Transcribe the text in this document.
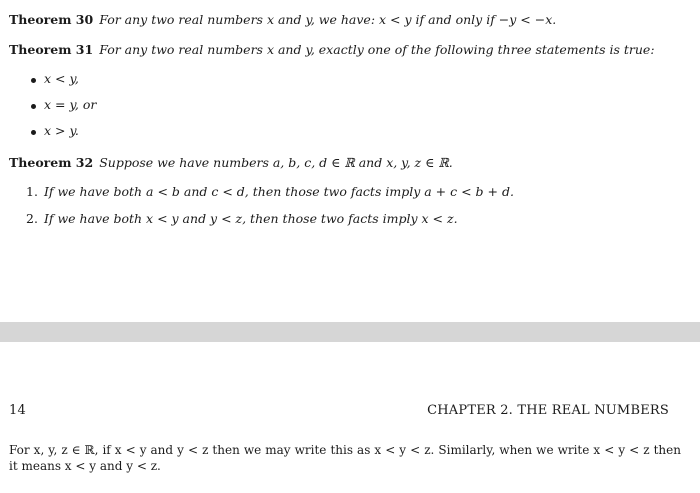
Theorem 30 For any two real numbers x and y, we have: x < y if and only if −y < −x.
Theorem 31 For any two real numbers x and y, exactly one of the following three statements is true:
x < y,
x = y, or
x > y.
Theorem 32 Suppose we have numbers a, b, c, d ∈ ℝ and x, y, z ∈ ℝ.
1. If we have both a < b and c < d, then those two facts imply a + c < b + d.
2. If we have both x < y and y < z, then those two facts imply x < z.
14	CHAPTER 2. THE REAL NUMBERS
For x, y, z ∈ ℝ, if x < y and y < z then we may write this as x < y < z. Similarly, when we write x < y < z then it means x < y and y < z.
